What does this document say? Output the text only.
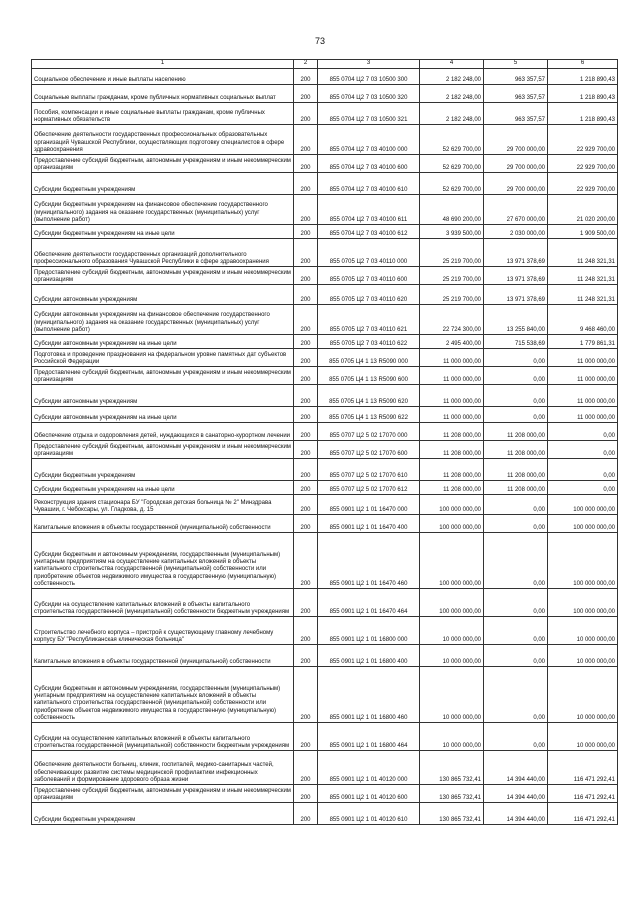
73
1	2	3	4	5	6
Социальное обеспечение и иные выплаты населению	200	855 0704 Ц2 7 03 10500 300	2 182 248,00	963 357,57	1 218 890,43
Социальные выплаты гражданам, кроме публичных нормативных социальных выплат	200	855 0704 Ц2 7 03 10500 320	2 182 248,00	963 357,57	1 218 890,43
Пособия, компенсации и иные социальные выплаты гражданам, кроме публичных нормативных обязательств	200	855 0704 Ц2 7 03 10500 321	2 182 248,00	963 357,57	1 218 890,43
Обеспечение деятельности государственных профессиональных образовательных организаций Чувашской Республики, осуществляющих подготовку специалистов в сфере здравоохранения	200	855 0704 Ц2 7 03 40100 000	52 629 700,00	29 700 000,00	22 929 700,00
Предоставление субсидий бюджетным, автономным учреждениям и иным некоммерческим организациям	200	855 0704 Ц2 7 03 40100 600	52 629 700,00	29 700 000,00	22 929 700,00
Субсидии бюджетным учреждениям	200	855 0704 Ц2 7 03 40100 610	52 629 700,00	29 700 000,00	22 929 700,00
Субсидии бюджетным учреждениям на финансовое обеспечение государственного (муниципального) задания на оказание государственных (муниципальных) услуг (выполнение работ)	200	855 0704 Ц2 7 03 40100 611	48 690 200,00	27 670 000,00	21 020 200,00
Субсидии бюджетным учреждениям на иные цели	200	855 0704 Ц2 7 03 40100 612	3 939 500,00	2 030 000,00	1 909 500,00
Обеспечение деятельности государственных организаций дополнительного профессионального образования Чувашской Республики в сфере здравоохранения	200	855 0705 Ц2 7 03 40110 000	25 219 700,00	13 971 378,69	11 248 321,31
Предоставление субсидий бюджетным, автономным учреждениям и иным некоммерческим организациям	200	855 0705 Ц2 7 03 40110 600	25 219 700,00	13 971 378,69	11 248 321,31
Субсидии автономным учреждениям	200	855 0705 Ц2 7 03 40110 620	25 219 700,00	13 971 378,69	11 248 321,31
Субсидии автономным учреждениям на финансовое обеспечение государственного (муниципального) задания на оказание государственных (муниципальных) услуг (выполнение работ)	200	855 0705 Ц2 7 03 40110 621	22 724 300,00	13 255 840,00	9 468 460,00
Субсидии автономным учреждениям на иные цели	200	855 0705 Ц2 7 03 40110 622	2 495 400,00	715 538,69	1 779 861,31
Подготовка и проведение празднования на федеральном уровне памятных дат субъектов Российской Федерации	200	855 0705 Ц4 1 13 R5090 000	11 000 000,00	0,00	11 000 000,00
Предоставление субсидий бюджетным, автономным учреждениям и иным некоммерческим организациям	200	855 0705 Ц4 1 13 R5090 600	11 000 000,00	0,00	11 000 000,00
Субсидии автономным учреждениям	200	855 0705 Ц4 1 13 R5090 620	11 000 000,00	0,00	11 000 000,00
Субсидии автономным учреждениям на иные цели	200	855 0705 Ц4 1 13 R5090 622	11 000 000,00	0,00	11 000 000,00
Обеспечение отдыха и оздоровления детей, нуждающихся в санаторно-курортном лечении	200	855 0707 Ц2 5 02 17070 000	11 208 000,00	11 208 000,00	0,00
Предоставление субсидий бюджетным, автономным учреждениям и иным некоммерческим организациям	200	855 0707 Ц2 5 02 17070 600	11 208 000,00	11 208 000,00	0,00
Субсидии бюджетным учреждениям	200	855 0707 Ц2 5 02 17070 610	11 208 000,00	11 208 000,00	0,00
Субсидии бюджетным учреждениям на иные цели	200	855 0707 Ц2 5 02 17070 612	11 208 000,00	11 208 000,00	0,00
Реконструкция здания стационара БУ "Городская детская больница № 2" Минздрава Чувашии, г. Чебоксары, ул. Гладкова, д. 15	200	855 0901 Ц2 1 01 16470 000	100 000 000,00	0,00	100 000 000,00
Капитальные вложения в объекты государственной (муниципальной) собственности	200	855 0901 Ц2 1 01 16470 400	100 000 000,00	0,00	100 000 000,00
Субсидии бюджетным и автономным учреждениям, государственным (муниципальным) унитарным предприятиям на осуществление капитальных вложений в объекты капитального строительства государственной (муниципальной) собственности или приобретение объектов недвижимого имущества в государственную (муниципальную) собственность	200	855 0901 Ц2 1 01 16470 460	100 000 000,00	0,00	100 000 000,00
Субсидии на осуществление капитальных вложений в объекты капитального строительства государственной (муниципальной) собственности бюджетным учреждениям	200	855 0901 Ц2 1 01 16470 464	100 000 000,00	0,00	100 000 000,00
Строительство лечебного корпуса – пристрой к существующему главному лечебному корпусу БУ "Республиканская клиническая больница"	200	855 0901 Ц2 1 01 16800 000	10 000 000,00	0,00	10 000 000,00
Капитальные вложения в объекты государственной (муниципальной) собственности	200	855 0901 Ц2 1 01 16800 400	10 000 000,00	0,00	10 000 000,00
Субсидии бюджетным и автономным учреждениям, государственным (муниципальным) унитарным предприятиям на осуществление капитальных вложений в объекты капитального строительства государственной (муниципальной) собственности или приобретение объектов недвижимого имущества в государственную (муниципальную) собственность	200	855 0901 Ц2 1 01 16800 460	10 000 000,00	0,00	10 000 000,00
Субсидии на осуществление капитальных вложений в объекты капитального строительства государственной (муниципальной) собственности бюджетным учреждениям	200	855 0901 Ц2 1 01 16800 464	10 000 000,00	0,00	10 000 000,00
Обеспечение деятельности больниц, клиник, госпиталей, медико-санитарных частей, обеспечивающих развитие системы медицинской профилактики инфекционных заболеваний и формирование здорового образа жизни	200	855 0901 Ц2 1 01 40120 000	130 865 732,41	14 394 440,00	116 471 292,41
Предоставление субсидий бюджетным, автономным учреждениям и иным некоммерческим организациям	200	855 0901 Ц2 1 01 40120 600	130 865 732,41	14 394 440,00	116 471 292,41
Субсидии бюджетным учреждениям	200	855 0901 Ц2 1 01 40120 610	130 865 732,41	14 394 440,00	116 471 292,41
